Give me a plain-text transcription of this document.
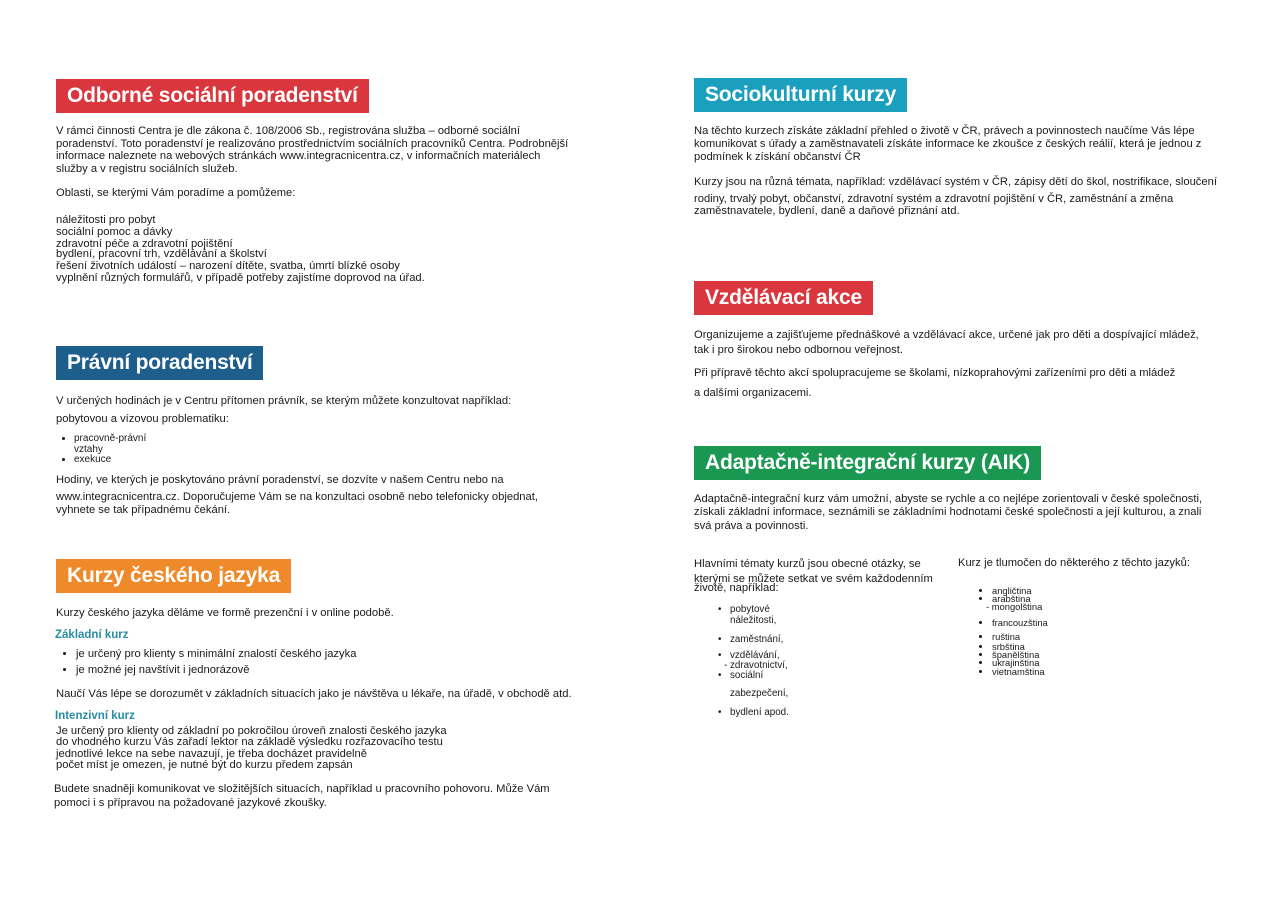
Odborné sociální poradenství

V rámci činnosti Centra je dle zákona č. 108/2006 Sb., registrována služba – odborné sociální
poradenství. Toto poradenství je realizováno prostřednictvím sociálních pracovníků Centra. Podrobnější
informace naleznete na webových stránkách www.integracnicentra.cz, v informačních materiálech
služby a v registru sociálních služeb.

Oblasti, se kterými Vám poradíme a pomůžeme:

náležitosti pro pobyt
sociální pomoc a dávky
zdravotní péče a zdravotní pojištění
bydlení, pracovní trh, vzdělávání a školství
řešení životních událostí – narození dítěte, svatba, úmrtí blízké osoby
vyplnění různých formulářů, v případě potřeby zajistíme doprovod na úřad.
Právní poradenství

V určených hodinách je v Centru přítomen právník, se kterým můžete konzultovat například:

pobytovou a vízovou problematiku:

• pracovně-právní
vztahy
• exekuce

Hodiny, ve kterých je poskytováno právní poradenství, se dozvíte v našem Centru nebo na

www.integracnicentra.cz. Doporučujeme Vám se na konzultaci osobně nebo telefonicky objednat,
vyhnete se tak případnému čekání.

Kurzy českého jazyka

Kurzy českého jazyka děláme ve formě prezenční i v online podobě.

Základní kurz

• je určený pro klienty s minimální znalostí českého jazyka
• je možné jej navštívit i jednorázově

Naučí Vás lépe se dorozumět v základních situacích jako je návštěva u lékaře, na úřadě, v obchodě atd.

Intenzivní kurz

Je určený pro klienty od základní po pokročilou úroveň znalosti českého jazyka
do vhodného kurzu Vás zařadí lektor na základě výsledku rozřazovacího testu
jednotlivé lekce na sebe navazují, je třeba docházet pravidelně
počet míst je omezen, je nutné být do kurzu předem zapsán

Budete snadněji komunikovat ve složitějších situacích, například u pracovního pohovoru. Může Vám
pomoci i s přípravou na požadované jazykové zkoušky.

Sociokulturní kurzy

Na těchto kurzech získáte základní přehled o životě v ČR, právech a povinnostech naučíme Vás lépe
komunikovat s úřady a zaměstnavateli získáte informace ke zkoušce z českých reálií, která je jednou z
podmínek k získání občanství ČR

Kurzy jsou na různá témata, například: vzdělávací systém v ČR, zápisy dětí do škol, nostrifikace, sloučení
rodiny, trvalý pobyt, občanství, zdravotní systém a zdravotní pojištění v ČR, zaměstnání a změna
zaměstnavatele, bydlení, daně a daňové přiznání atd.

Vzdělávací akce

Organizujeme a zajišťujeme přednáškové a vzdělávací akce, určené jak pro děti a dospívající mládež,
tak i pro širokou nebo odbornou veřejnost.

Při přípravě těchto akcí spolupracujeme se školami, nízkoprahovými zařízeními pro děti a mládež
a dalšími organizacemi.

Adaptačně-integrační kurzy (AIK)

Adaptačně-integrační kurz vám umožní, abyste se rychle a co nejlépe zorientovali v české společnosti,
získali základní informace, seznámili se základními hodnotami české společnosti a její kulturou, a znali
svá práva a povinnosti.

Hlavními tématy kurzů jsou obecné otázky, se
kterými se můžete setkat ve svém každodenním
životě, například:

• pobytové
náležitosti,
• zaměstnání,
• vzdělávání,
- zdravotnictví,
• sociální
zabezpečení,
• bydlení apod.

Kurz je tlumočen do některého z těchto jazyků:

• angličtina
• arabština
- mongolština
• francouzština
• ruština
• srbština
• španělština
• ukrajinština
• vietnamština
